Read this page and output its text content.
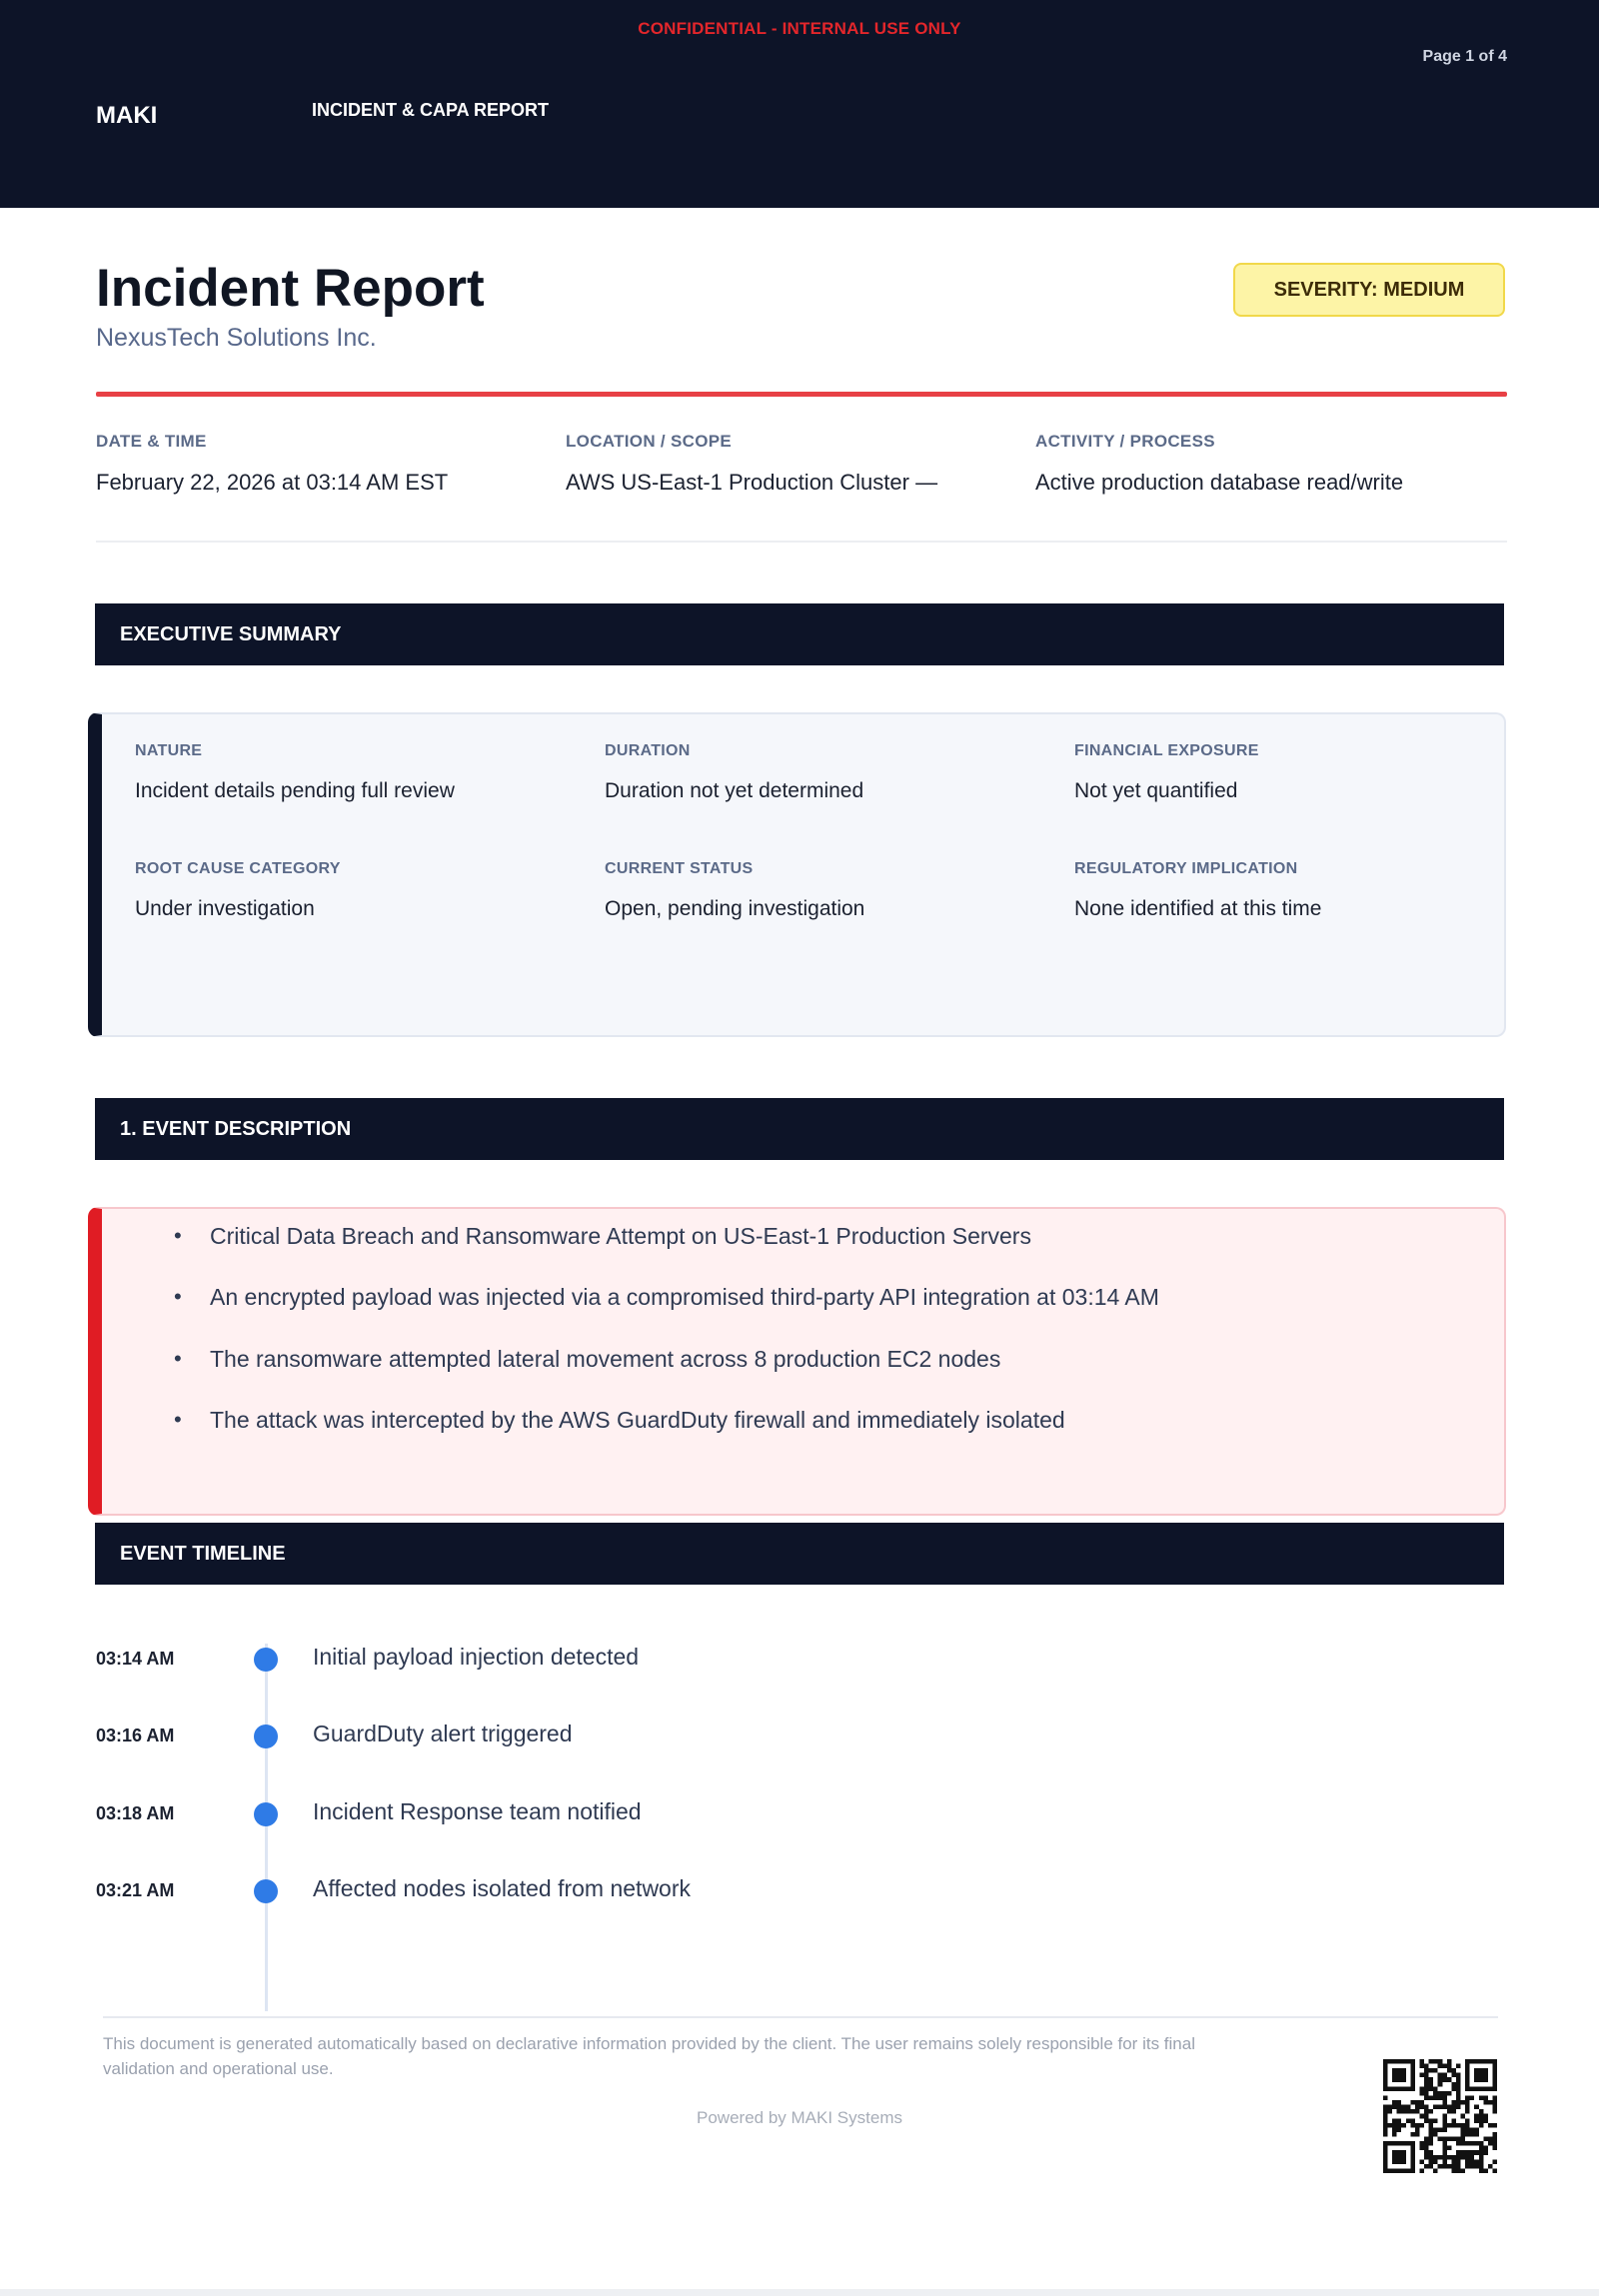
CONFIDENTIAL - INTERNAL USE ONLY
Page 1 of 4
MAKI	INCIDENT & CAPA REPORT
Incident Report
NexusTech Solutions Inc.
SEVERITY: MEDIUM
DATE & TIME
February 22, 2026 at 03:14 AM EST
LOCATION / SCOPE
AWS US-East-1 Production Cluster —
ACTIVITY / PROCESS
Active production database read/write
EXECUTIVE SUMMARY
NATURE
Incident details pending full review
DURATION
Duration not yet determined
FINANCIAL EXPOSURE
Not yet quantified
ROOT CAUSE CATEGORY
Under investigation
CURRENT STATUS
Open, pending investigation
REGULATORY IMPLICATION
None identified at this time
1. EVENT DESCRIPTION
• Critical Data Breach and Ransomware Attempt on US-East-1 Production Servers
• An encrypted payload was injected via a compromised third-party API integration at 03:14 AM
• The ransomware attempted lateral movement across 8 production EC2 nodes
• The attack was intercepted by the AWS GuardDuty firewall and immediately isolated
EVENT TIMELINE
03:14 AM	Initial payload injection detected
03:16 AM	GuardDuty alert triggered
03:18 AM	Incident Response team notified
03:21 AM	Affected nodes isolated from network
This document is generated automatically based on declarative information provided by the client. The user remains solely responsible for its final validation and operational use.
Powered by MAKI Systems
